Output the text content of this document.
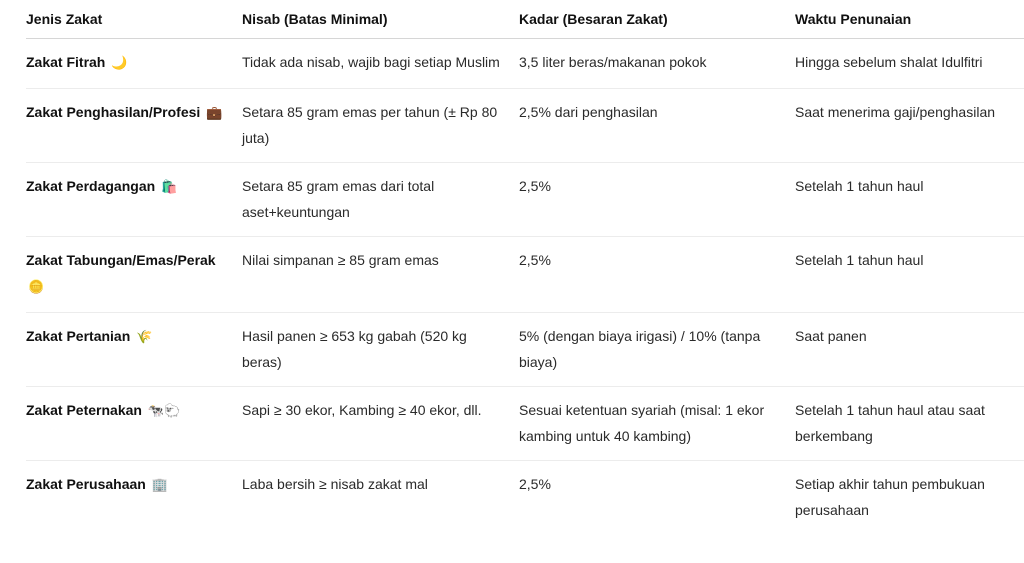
Jenis Zakat	Nisab (Batas Minimal)	Kadar (Besaran Zakat)	Waktu Penunaian
Zakat Fitrah 🌙	Tidak ada nisab, wajib bagi setiap Muslim	3,5 liter beras/makanan pokok	Hingga sebelum shalat Idulfitri
Zakat Penghasilan/Profesi 💼	Setara 85 gram emas per tahun (± Rp 80 juta)	2,5% dari penghasilan	Saat menerima gaji/penghasilan
Zakat Perdagangan 🛍️	Setara 85 gram emas dari total aset+keuntungan	2,5%	Setelah 1 tahun haul
Zakat Tabungan/Emas/Perak 🪙	Nilai simpanan ≥ 85 gram emas	2,5%	Setelah 1 tahun haul
Zakat Pertanian 🌾	Hasil panen ≥ 653 kg gabah (520 kg beras)	5% (dengan biaya irigasi) / 10% (tanpa biaya)	Saat panen
Zakat Peternakan 🐄🐑	Sapi ≥ 30 ekor, Kambing ≥ 40 ekor, dll.	Sesuai ketentuan syariah (misal: 1 ekor kambing untuk 40 kambing)	Setelah 1 tahun haul atau saat berkembang
Zakat Perusahaan 🏢	Laba bersih ≥ nisab zakat mal	2,5%	Setiap akhir tahun pembukuan perusahaan
